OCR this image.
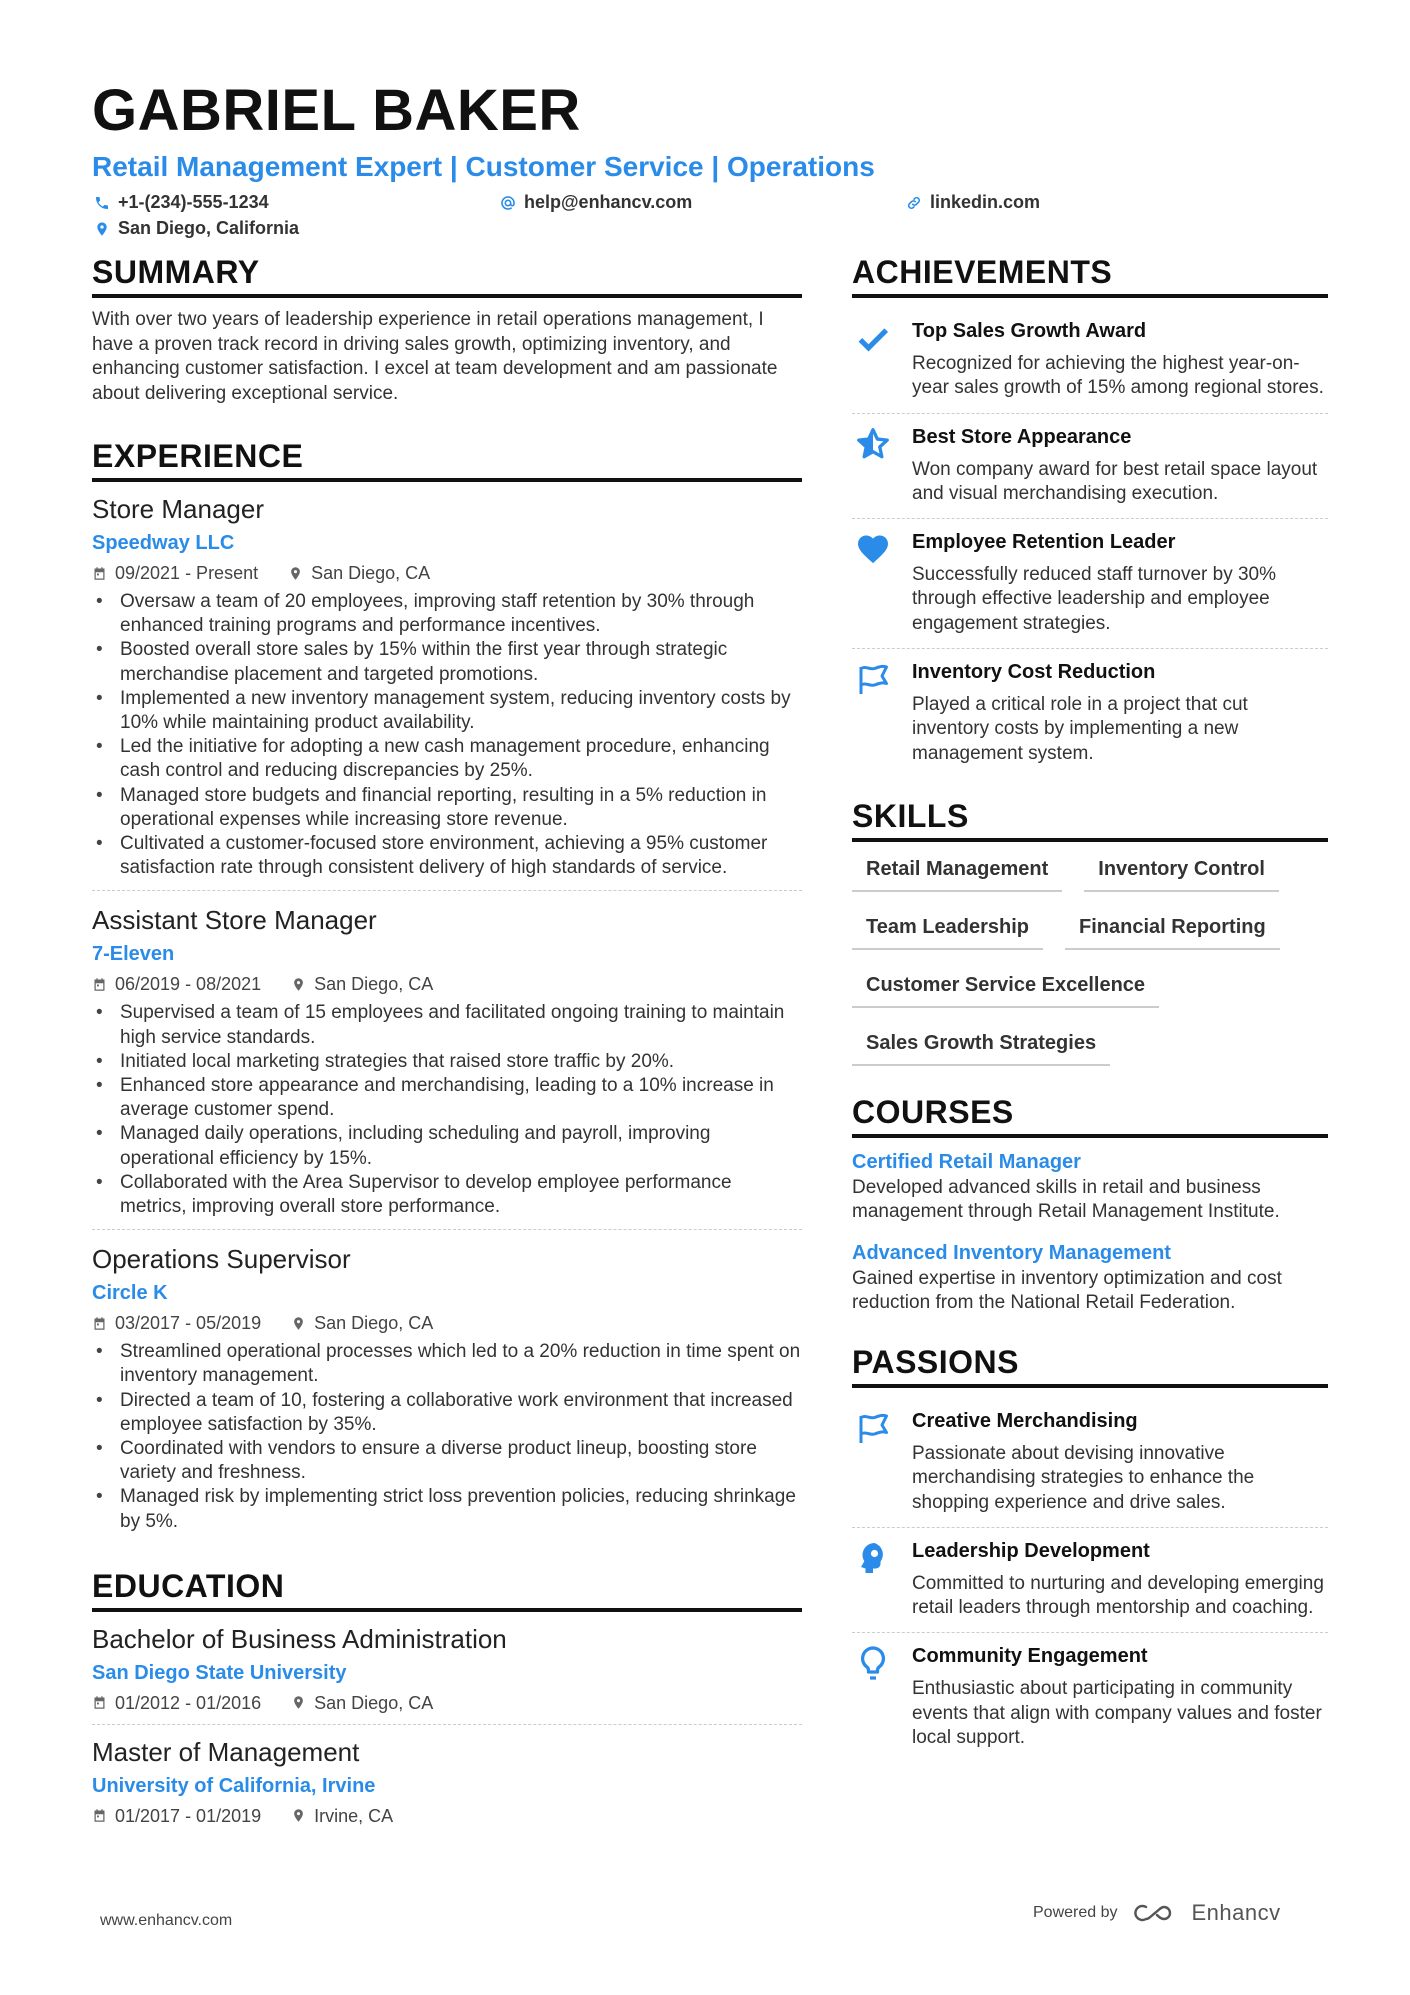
GABRIEL BAKER
Retail Management Expert | Customer Service | Operations
+1-(234)-555-1234	help@enhancv.com	linkedin.com
San Diego, California
SUMMARY
With over two years of leadership experience in retail operations management, I have a proven track record in driving sales growth, optimizing inventory, and enhancing customer satisfaction. I excel at team development and am passionate about delivering exceptional service.
EXPERIENCE
Store Manager
Speedway LLC
09/2021 - Present	San Diego, CA
• Oversaw a team of 20 employees, improving staff retention by 30% through enhanced training programs and performance incentives.
• Boosted overall store sales by 15% within the first year through strategic merchandise placement and targeted promotions.
• Implemented a new inventory management system, reducing inventory costs by 10% while maintaining product availability.
• Led the initiative for adopting a new cash management procedure, enhancing cash control and reducing discrepancies by 25%.
• Managed store budgets and financial reporting, resulting in a 5% reduction in operational expenses while increasing store revenue.
• Cultivated a customer-focused store environment, achieving a 95% customer satisfaction rate through consistent delivery of high standards of service.
Assistant Store Manager
7-Eleven
06/2019 - 08/2021	San Diego, CA
• Supervised a team of 15 employees and facilitated ongoing training to maintain high service standards.
• Initiated local marketing strategies that raised store traffic by 20%.
• Enhanced store appearance and merchandising, leading to a 10% increase in average customer spend.
• Managed daily operations, including scheduling and payroll, improving operational efficiency by 15%.
• Collaborated with the Area Supervisor to develop employee performance metrics, improving overall store performance.
Operations Supervisor
Circle K
03/2017 - 05/2019	San Diego, CA
• Streamlined operational processes which led to a 20% reduction in time spent on inventory management.
• Directed a team of 10, fostering a collaborative work environment that increased employee satisfaction by 35%.
• Coordinated with vendors to ensure a diverse product lineup, boosting store variety and freshness.
• Managed risk by implementing strict loss prevention policies, reducing shrinkage by 5%.
EDUCATION
Bachelor of Business Administration
San Diego State University
01/2012 - 01/2016	San Diego, CA
Master of Management
University of California, Irvine
01/2017 - 01/2019	Irvine, CA
ACHIEVEMENTS
Top Sales Growth Award
Recognized for achieving the highest year-on-year sales growth of 15% among regional stores.
Best Store Appearance
Won company award for best retail space layout and visual merchandising execution.
Employee Retention Leader
Successfully reduced staff turnover by 30% through effective leadership and employee engagement strategies.
Inventory Cost Reduction
Played a critical role in a project that cut inventory costs by implementing a new management system.
SKILLS
Retail Management	Inventory Control
Team Leadership	Financial Reporting
Customer Service Excellence
Sales Growth Strategies
COURSES
Certified Retail Manager
Developed advanced skills in retail and business management through Retail Management Institute.
Advanced Inventory Management
Gained expertise in inventory optimization and cost reduction from the National Retail Federation.
PASSIONS
Creative Merchandising
Passionate about devising innovative merchandising strategies to enhance the shopping experience and drive sales.
Leadership Development
Committed to nurturing and developing emerging retail leaders through mentorship and coaching.
Community Engagement
Enthusiastic about participating in community events that align with company values and foster local support.
www.enhancv.com	Powered by	Enhancv
